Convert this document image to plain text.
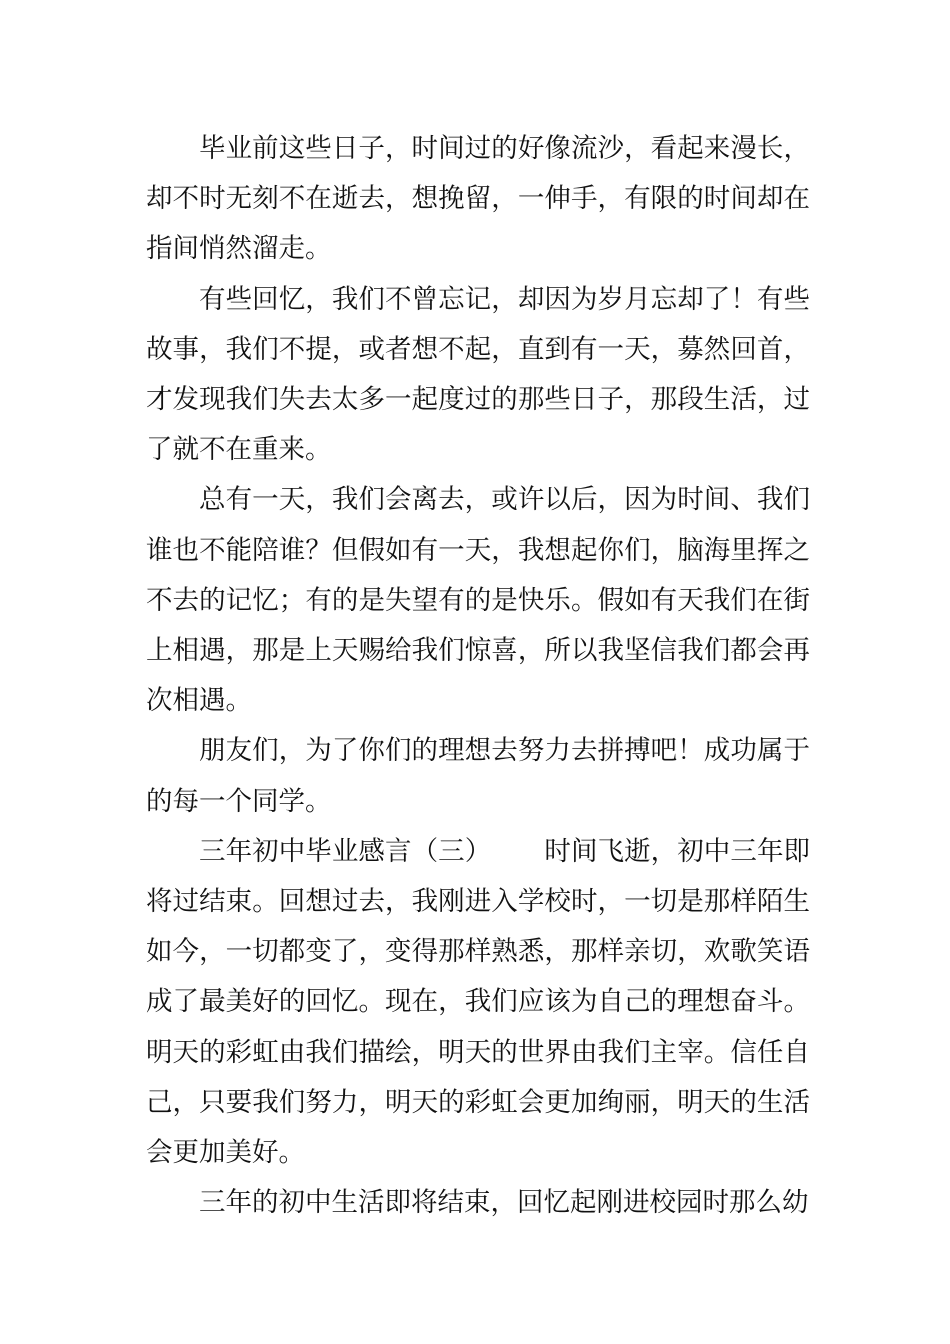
毕业前这些日子，时间过的好像流沙，看起来漫长，却不时无刻不在逝去，想挽留，一伸手，有限的时间却在指间悄然溜走。

有些回忆，我们不曾忘记，却因为岁月忘却了！有些故事，我们不提，或者想不起，直到有一天，募然回首，才发现我们失去太多一起度过的那些日子，那段生活，过了就不在重来。

总有一天，我们会离去，或许以后，因为时间、我们谁也不能陪谁？但假如有一天，我想起你们，脑海里挥之不去的记忆；有的是失望有的是快乐。假如有天我们在街上相遇，那是上天赐给我们惊喜，所以我坚信我们都会再次相遇。

朋友们，为了你们的理想去努力去拼搏吧！成功属于的每一个同学。

三年初中毕业感言（三） 时间飞逝，初中三年即将过结束。回想过去，我刚进入学校时，一切是那样陌生如今，一切都变了，变得那样熟悉，那样亲切，欢歌笑语成了最美好的回忆。现在，我们应该为自己的理想奋斗。明天的彩虹由我们描绘，明天的世界由我们主宰。信任自己，只要我们努力，明天的彩虹会更加绚丽，明天的生活会更加美好。

三年的初中生活即将结束，回忆起刚进校园时那么幼
